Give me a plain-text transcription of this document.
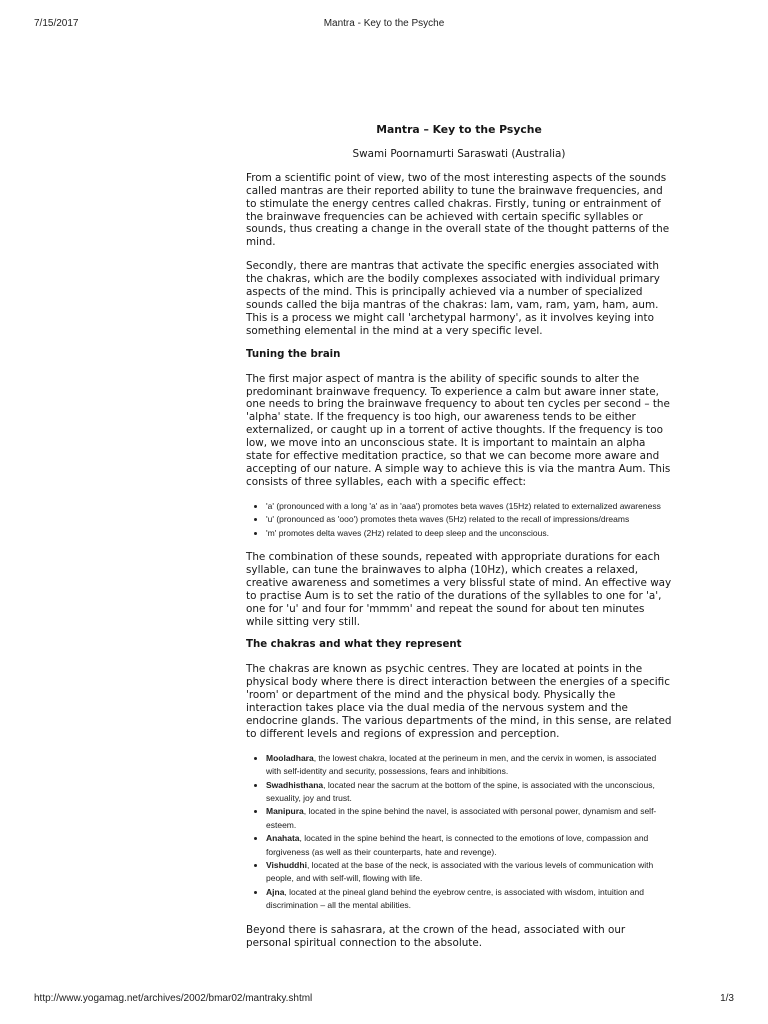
7/15/2017	Mantra - Key to the Psyche
Mantra – Key to the Psyche
Swami Poornamurti Saraswati (Australia)

From a scientific point of view, two of the most interesting aspects of the sounds called mantras are their reported ability to tune the brainwave frequencies, and to stimulate the energy centres called chakras. Firstly, tuning or entrainment of the brainwave frequencies can be achieved with certain specific syllables or sounds, thus creating a change in the overall state of the thought patterns of the mind.

Secondly, there are mantras that activate the specific energies associated with the chakras, which are the bodily complexes associated with individual primary aspects of the mind. This is principally achieved via a number of specialized sounds called the bija mantras of the chakras: lam, vam, ram, yam, ham, aum. This is a process we might call 'archetypal harmony', as it involves keying into something elemental in the mind at a very specific level.

Tuning the brain

The first major aspect of mantra is the ability of specific sounds to alter the predominant brainwave frequency. To experience a calm but aware inner state, one needs to bring the brainwave frequency to about ten cycles per second – the 'alpha' state. If the frequency is too high, our awareness tends to be either externalized, or caught up in a torrent of active thoughts. If the frequency is too low, we move into an unconscious state. It is important to maintain an alpha state for effective meditation practice, so that we can become more aware and accepting of our nature. A simple way to achieve this is via the mantra Aum. This consists of three syllables, each with a specific effect:

• 'a' (pronounced with a long 'a' as in 'aaa') promotes beta waves (15Hz) related to externalized awareness
• 'u' (pronounced as 'ooo') promotes theta waves (5Hz) related to the recall of impressions/dreams
• 'm' promotes delta waves (2Hz) related to deep sleep and the unconscious.

The combination of these sounds, repeated with appropriate durations for each syllable, can tune the brainwaves to alpha (10Hz), which creates a relaxed, creative awareness and sometimes a very blissful state of mind. An effective way to practise Aum is to set the ratio of the durations of the syllables to one for 'a', one for 'u' and four for 'mmmm' and repeat the sound for about ten minutes while sitting very still.

The chakras and what they represent

The chakras are known as psychic centres. They are located at points in the physical body where there is direct interaction between the energies of a specific 'room' or department of the mind and the physical body. Physically the interaction takes place via the dual media of the nervous system and the endocrine glands. The various departments of the mind, in this sense, are related to different levels and regions of expression and perception.

• Mooladhara, the lowest chakra, located at the perineum in men, and the cervix in women, is associated with self-identity and security, possessions, fears and inhibitions.
• Swadhisthana, located near the sacrum at the bottom of the spine, is associated with the unconscious, sexuality, joy and trust.
• Manipura, located in the spine behind the navel, is associated with personal power, dynamism and self-esteem.
• Anahata, located in the spine behind the heart, is connected to the emotions of love, compassion and forgiveness (as well as their counterparts, hate and revenge).
• Vishuddhi, located at the base of the neck, is associated with the various levels of communication with people, and with self-will, flowing with life.
• Ajna, located at the pineal gland behind the eyebrow centre, is associated with wisdom, intuition and discrimination – all the mental abilities.

Beyond there is sahasrara, at the crown of the head, associated with our personal spiritual connection to the absolute.

http://www.yogamag.net/archives/2002/bmar02/mantraky.shtml	1/3
